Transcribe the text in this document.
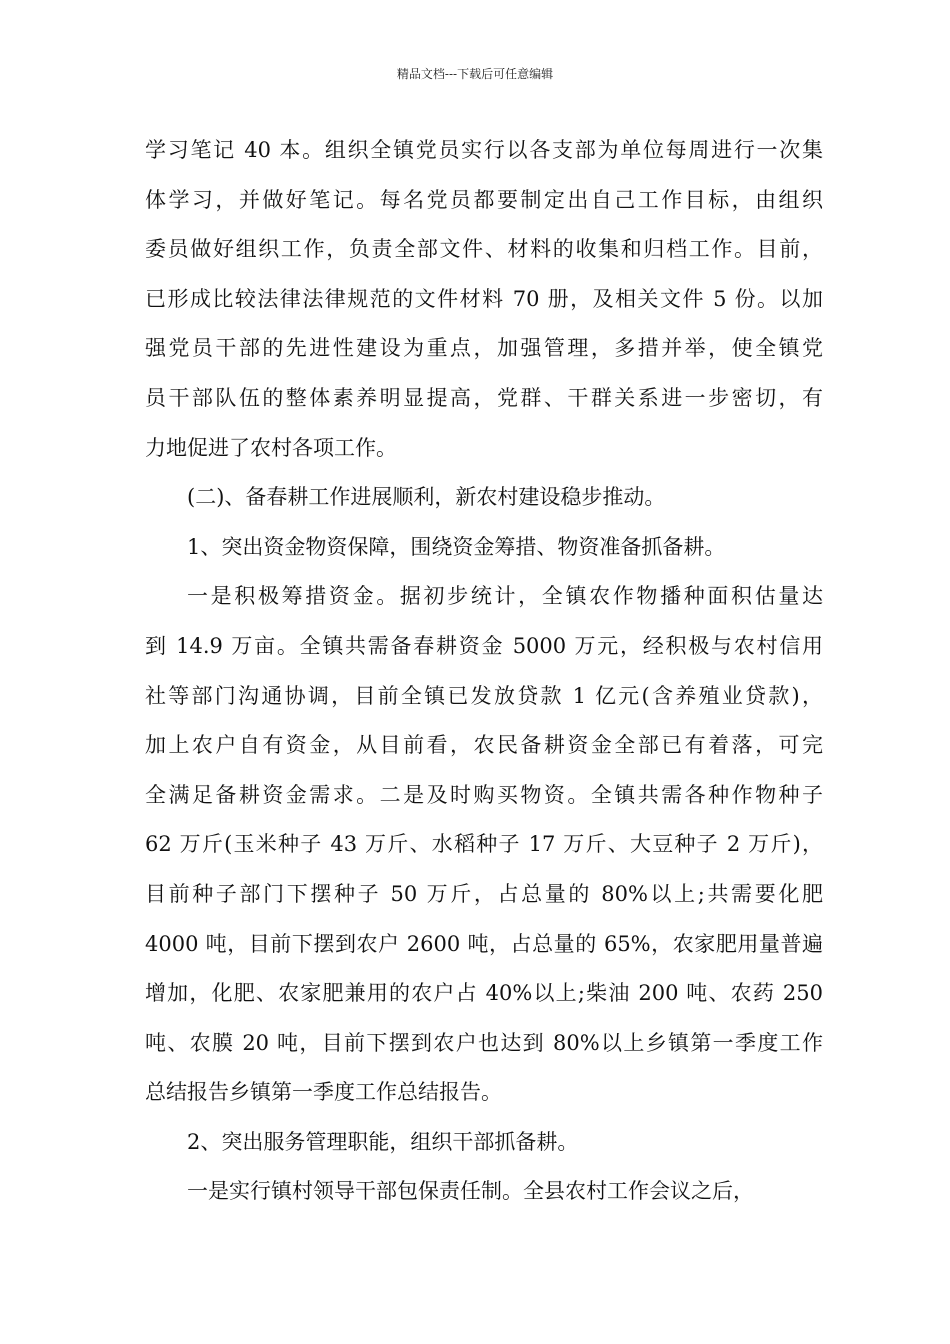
精品文档---下载后可任意编辑
学习笔记 40 本。组织全镇党员实行以各支部为单位每周进行一次集
体学习，并做好笔记。每名党员都要制定出自己工作目标，由组织
委员做好组织工作，负责全部文件、材料的收集和归档工作。目前，
已形成比较法律法律规范的文件材料 70 册，及相关文件 5 份。以加
强党员干部的先进性建设为重点，加强管理，多措并举，使全镇党
员干部队伍的整体素养明显提高，党群、干群关系进一步密切，有
力地促进了农村各项工作。
(二)、备春耕工作进展顺利，新农村建设稳步推动。
1、突出资金物资保障，围绕资金筹措、物资准备抓备耕。
一是积极筹措资金。据初步统计，全镇农作物播种面积估量达
到 14.9 万亩。全镇共需备春耕资金 5000 万元，经积极与农村信用
社等部门沟通协调，目前全镇已发放贷款 1 亿元(含养殖业贷款)，
加上农户自有资金，从目前看，农民备耕资金全部已有着落，可完
全满足备耕资金需求。二是及时购买物资。全镇共需各种作物种子
62 万斤(玉米种子 43 万斤、水稻种子 17 万斤、大豆种子 2 万斤)，
目前种子部门下摆种子 50 万斤，占总量的 80%以上;共需要化肥
4000 吨，目前下摆到农户 2600 吨，占总量的 65%，农家肥用量普遍
增加，化肥、农家肥兼用的农户占 40%以上;柴油 200 吨、农药 250
吨、农膜 20 吨，目前下摆到农户也达到 80%以上乡镇第一季度工作
总结报告乡镇第一季度工作总结报告。
2、突出服务管理职能，组织干部抓备耕。
一是实行镇村领导干部包保责任制。全县农村工作会议之后，
